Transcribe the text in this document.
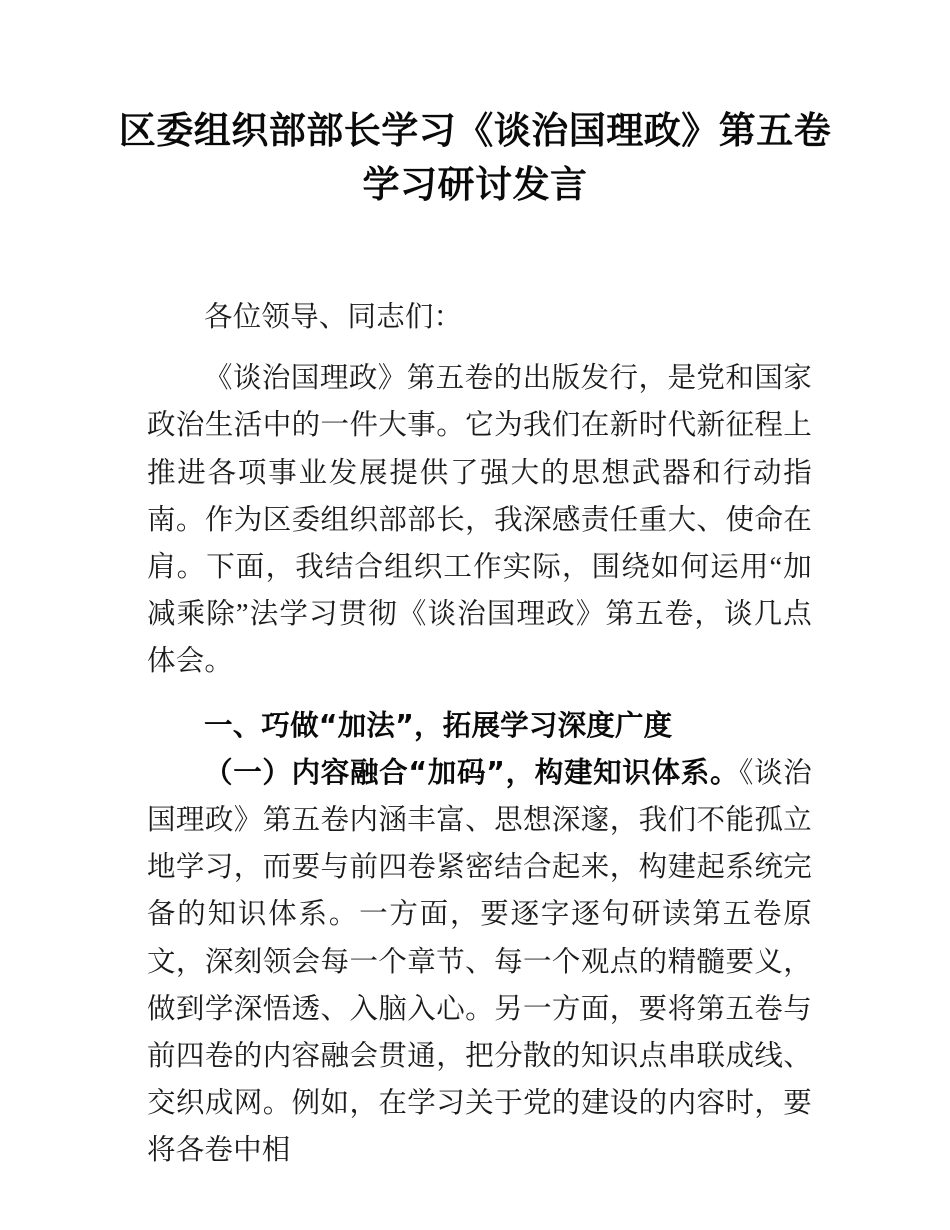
区委组织部部长学习《谈治国理政》第五卷
学习研讨发言

各位领导、同志们：

《谈治国理政》第五卷的出版发行，是党和国家政治生活中的一件大事。它为我们在新时代新征程上推进各项事业发展提供了强大的思想武器和行动指南。作为区委组织部部长，我深感责任重大、使命在肩。下面，我结合组织工作实际，围绕如何运用“加减乘除”法学习贯彻《谈治国理政》第五卷，谈几点体会。

一、巧做“加法”，拓展学习深度广度

（一）内容融合“加码”，构建知识体系。《谈治国理政》第五卷内涵丰富、思想深邃，我们不能孤立地学习，而要与前四卷紧密结合起来，构建起系统完备的知识体系。一方面，要逐字逐句研读第五卷原文，深刻领会每一个章节、每一个观点的精髓要义，做到学深悟透、入脑入心。另一方面，要将第五卷与前四卷的内容融会贯通，把分散的知识点串联成线、交织成网。例如，在学习关于党的建设的内容时，要将各卷中相
